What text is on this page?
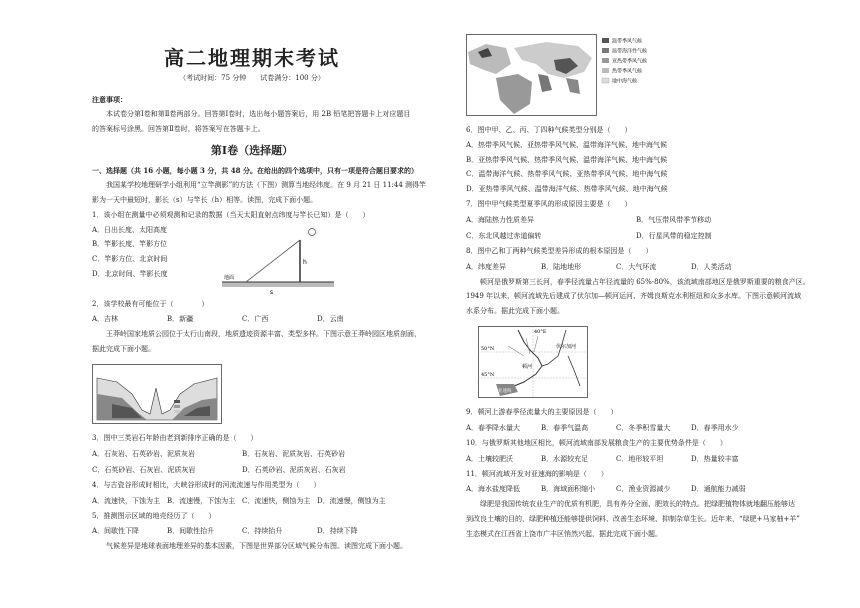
高二地理期末考试
（考试时间：75 分钟　　试卷满分：100 分）

注意事项：

本试卷分第Ⅰ卷和第Ⅱ卷两部分。回答第Ⅰ卷时，选出每小题答案后，用 2B 铅笔把答题卡上对应题目

的答案标号涂黑。回答第Ⅱ卷时，将答案写在答题卡上。

第Ⅰ卷（选择题）

一、选择题（共 16 小题，每小题 3 分，共 48 分。在给出的四个选项中，只有一项是符合题目要求的）

我国某学校地理研学小组利用“立竿测影”的方法（下图）测算当地经纬度。在 9 月 21 日 11:44 测得竿

影为一天中最短时，影长（s）与竿长（h）相等。读图，完成下面小题。

1．该小组在测量中必须观测和记录的数据（当天太阳直射点纬度与竿长已知）是（　　）

A．日出长度、太阳高度

B．竿影长度、竿影方位

C．竿影方位、北京时间

D．北京时间、竿影长度	地面
h
s

2．该学校最有可能位于（　　　　）

A．吉林	B．新疆	C．广西	D．云南

王莽岭国家地质公园位于太行山南段，地质遗迹资源丰富、类型多样。下图示意王莽岭园区地质剖面，

据此完成下面小题。

3．图中三类岩石年龄由老到新排序正确的是（　　）

A．石灰岩、石英砂岩、泥质灰岩	B．石灰岩、泥质灰岩、石英砂岩
C．石英砂岩、石灰岩、泥质灰岩	D．石英砂岩、泥质灰岩、石灰岩

4．与古瓷谷形成时相比，大峡谷形成时的河流流速与作用类型为（　　）

A．流速快，下蚀为主 B．流速慢，下蚀为主 C．流速快，侧蚀为主 D．流速慢，侧蚀为主

5．推测图示区域的地壳经历了（　　）

A．间歇性下降	B．间歇性抬升	C．持续抬升	D．持续下降

气候差异是地球表面地理差异的基本因素，下图是世界部分区域气候分布图。读图完成下面小题。

温带季风气候
温带海洋性气候
亚热带季风气候
热带季风气候
地中海气候

6．图中甲、乙、丙、丁四种气候类型分别是（　　）

A．热带季风气候、亚热带季风气候、温带海洋气候、地中海气候

B．亚热带季风气候、热带季风气候、温带海洋气候、地中海气候

C．温带海洋气候、热带季风气候、亚热带季风气候、地中海气候

D．亚热带季风气候、温带海洋气候、热带季风气候、地中海气候

7．图中甲气候类型夏季风的形成原因主要是（　　）

A．海陆热力性质差异	B．气压带风带季节移动
C．东北风越过赤道偏转	D．行星风带的稳定控制

8．图中乙和丁两种气候类型差异形成的根本原因是（　　）

A．纬度差异	B．陆地地形	C．大气环流	D．人类活动

顿河是俄罗斯第三长河，春季径流量占年径流量的 65%-80%，该流域南部地区是俄罗斯重要的粮食产区。

1949 年以来，顿河流域先后建成了伏尔加—顿河运河、齐姆良斯克水利枢纽和众多水库。下图示意顿河流域

水系分布。据此完成下面小题。

40°E
50°N
45°N
顿河
伏尔加河
亚速海

9．顿河上游春季径流量大的主要原因是（　　）

A．春季降水量大	B．春季气温高	C．冬季积雪量大	D．春季用水少

10．与俄罗斯其他地区相比，顿河流域南部发展粮食生产的主要优势条件是（　　）

A．土壤较肥沃	B．水源较充足	C．地形较平坦	D．热量较丰富

11．顿河流域开发对亚速海的影响是（　　）

A．海水盐度降低	B．海域面积缩小	C．渔业资源减少	D．通航能力减弱

绿肥是我国传统农业生产的优质有机肥，具有养分全面、肥效长的特点。把绿肥植物体就地翻压能够达

到改良土壤的目的，绿肥种植还能够提供饲料、改善生态环境、抑制杂草生长。近年来，“绿肥+马家柚+羊”

生态模式在江西省上饶市广丰区悄然兴起，据此完成下面小题。
